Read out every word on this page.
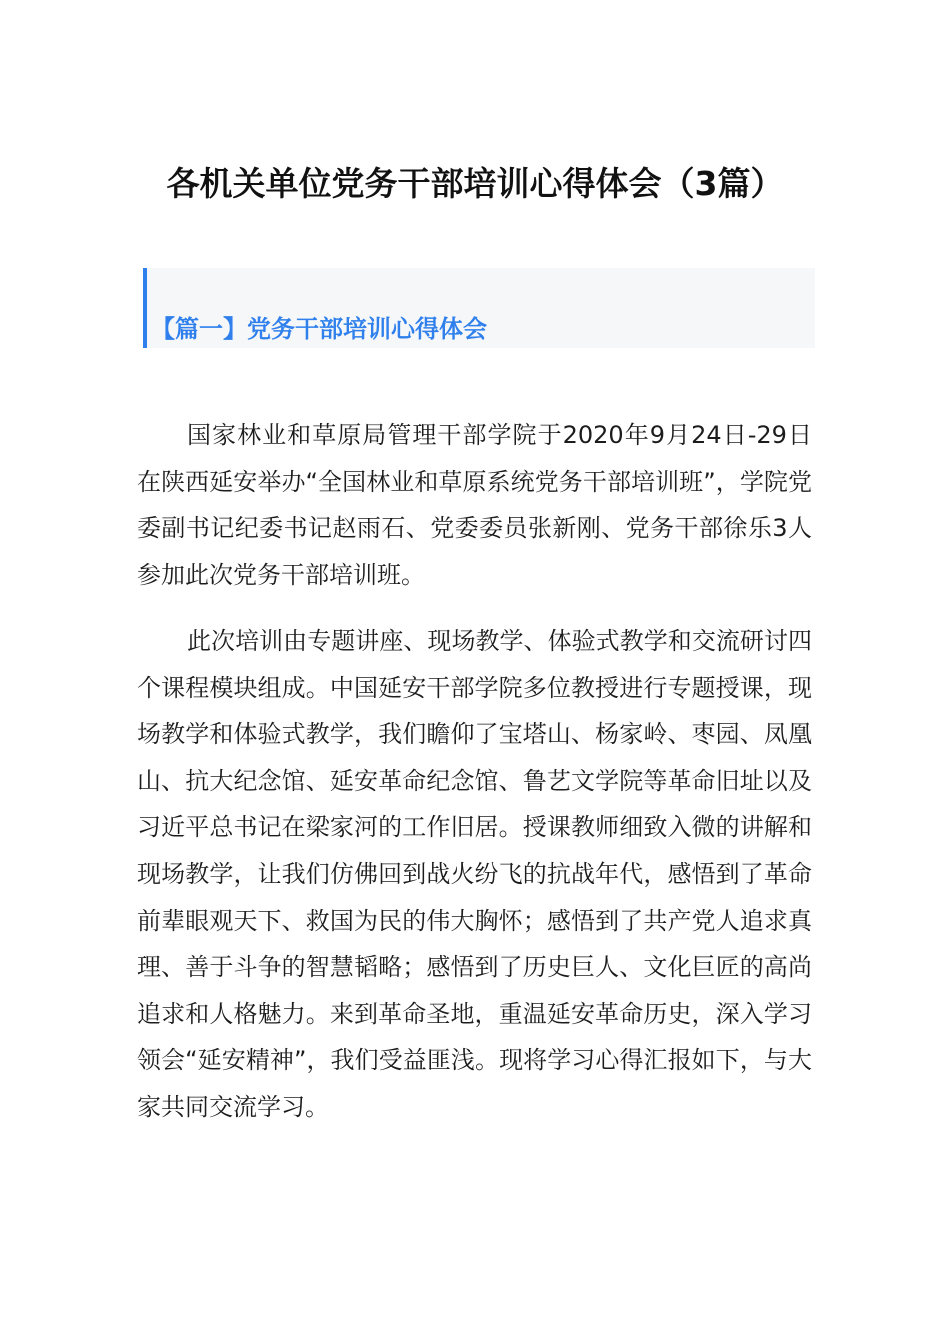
各机关单位党务干部培训心得体会（3篇）
【篇一】党务干部培训心得体会

国家林业和草原局管理干部学院于2020年9月24日-29日在陕西延安举办“全国林业和草原系统党务干部培训班”，学院党委副书记纪委书记赵雨石、党委委员张新刚、党务干部徐乐3人参加此次党务干部培训班。

此次培训由专题讲座、现场教学、体验式教学和交流研讨四个课程模块组成。中国延安干部学院多位教授进行专题授课，现场教学和体验式教学，我们瞻仰了宝塔山、杨家岭、枣园、凤凰山、抗大纪念馆、延安革命纪念馆、鲁艺文学院等革命旧址以及习近平总书记在梁家河的工作旧居。授课教师细致入微的讲解和现场教学，让我们仿佛回到战火纷飞的抗战年代，感悟到了革命前辈眼观天下、救国为民的伟大胸怀；感悟到了共产党人追求真理、善于斗争的智慧韬略；感悟到了历史巨人、文化巨匠的高尚追求和人格魅力。来到革命圣地，重温延安革命历史，深入学习领会“延安精神”，我们受益匪浅。现将学习心得汇报如下，与大家共同交流学习。
